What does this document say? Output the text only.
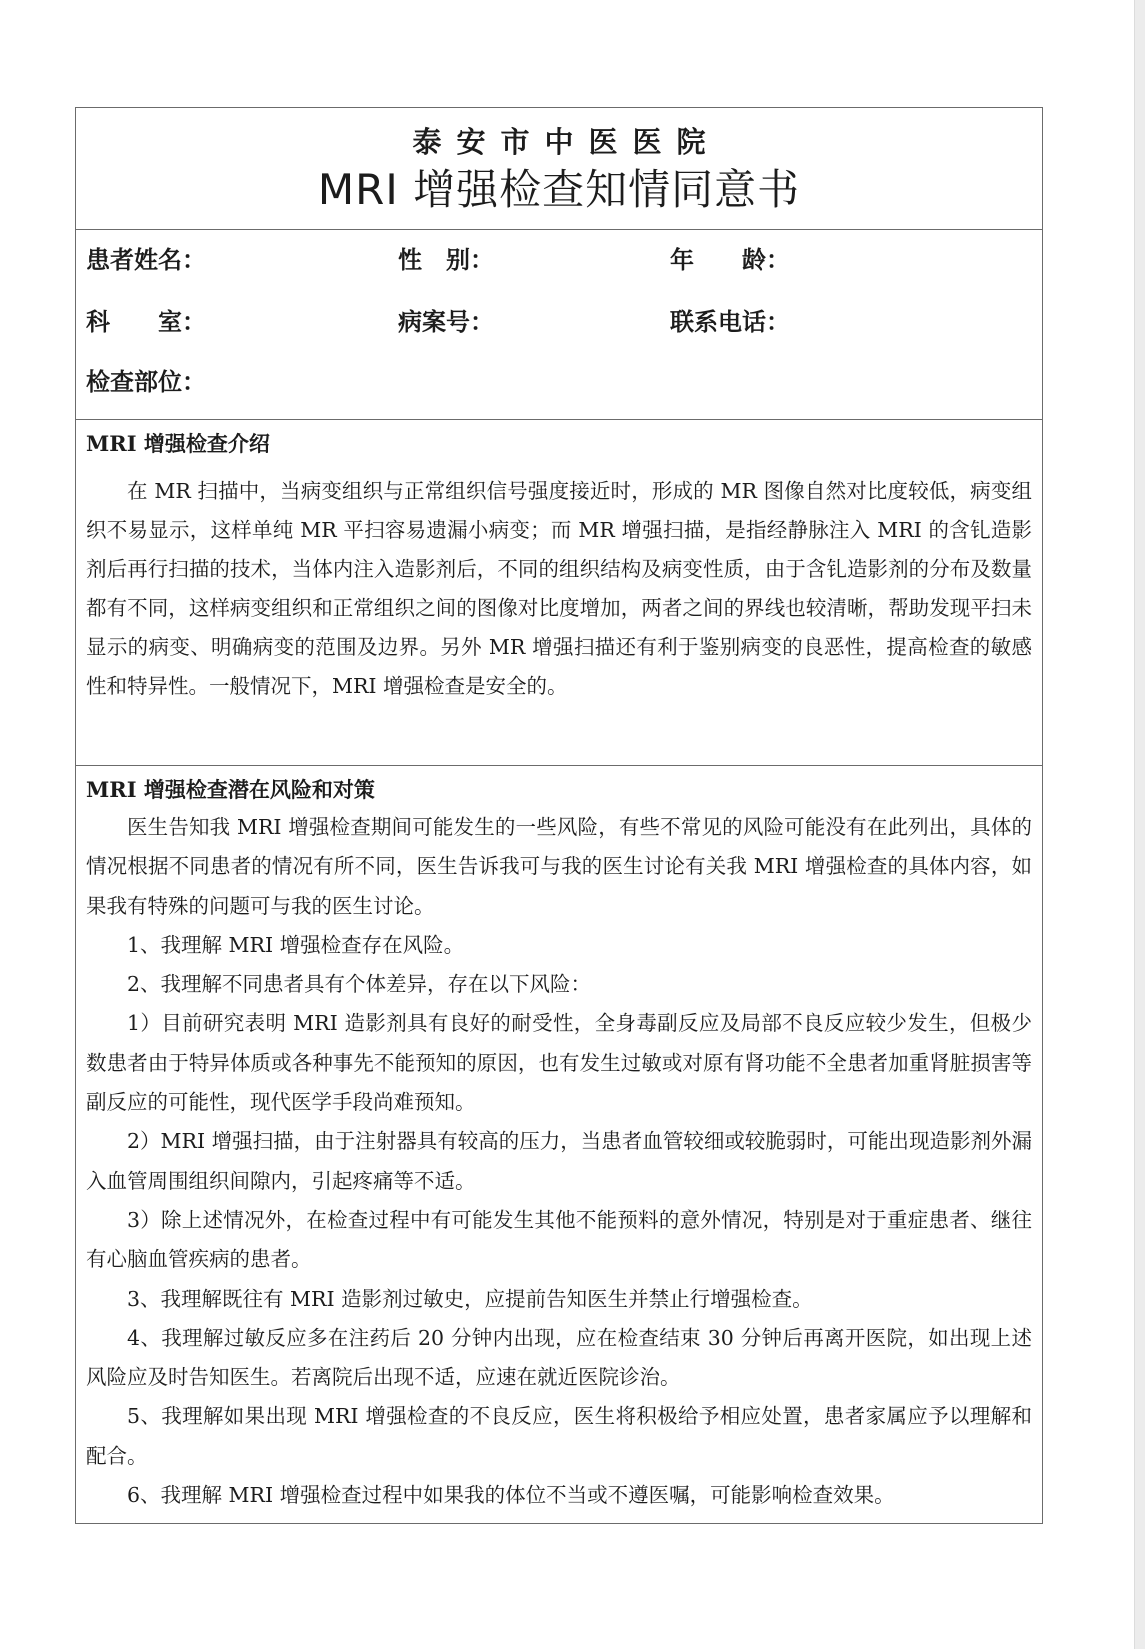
泰安市中医医院
MRI 增强检查知情同意书
患者姓名：	性　别：	年　　龄：
科　　室：	病案号：	联系电话：
检查部位：
MRI 增强检查介绍

在 MR 扫描中，当病变组织与正常组织信号强度接近时，形成的 MR 图像自然对比度较低，病变组织不易显示，这样单纯 MR 平扫容易遗漏小病变；而 MR 增强扫描，是指经静脉注入 MRI 的含钆造影剂后再行扫描的技术，当体内注入造影剂后，不同的组织结构及病变性质，由于含钆造影剂的分布及数量都有不同，这样病变组织和正常组织之间的图像对比度增加，两者之间的界线也较清晰，帮助发现平扫未显示的病变、明确病变的范围及边界。另外 MR 增强扫描还有利于鉴别病变的良恶性，提高检查的敏感性和特异性。一般情况下，MRI 增强检查是安全的。

MRI 增强检查潜在风险和对策

医生告知我 MRI 增强检查期间可能发生的一些风险，有些不常见的风险可能没有在此列出，具体的情况根据不同患者的情况有所不同，医生告诉我可与我的医生讨论有关我 MRI 增强检查的具体内容，如果我有特殊的问题可与我的医生讨论。

1、我理解 MRI 增强检查存在风险。

2、我理解不同患者具有个体差异，存在以下风险：

1）目前研究表明 MRI 造影剂具有良好的耐受性，全身毒副反应及局部不良反应较少发生，但极少数患者由于特异体质或各种事先不能预知的原因，也有发生过敏或对原有肾功能不全患者加重肾脏损害等副反应的可能性，现代医学手段尚难预知。

2）MRI 增强扫描，由于注射器具有较高的压力，当患者血管较细或较脆弱时，可能出现造影剂外漏入血管周围组织间隙内，引起疼痛等不适。

3）除上述情况外，在检查过程中有可能发生其他不能预料的意外情况，特别是对于重症患者、继往有心脑血管疾病的患者。

3、我理解既往有 MRI 造影剂过敏史，应提前告知医生并禁止行增强检查。

4、我理解过敏反应多在注药后 20 分钟内出现，应在检查结束 30 分钟后再离开医院，如出现上述风险应及时告知医生。若离院后出现不适，应速在就近医院诊治。

5、我理解如果出现 MRI 增强检查的不良反应，医生将积极给予相应处置，患者家属应予以理解和配合。

6、我理解 MRI 增强检查过程中如果我的体位不当或不遵医嘱，可能影响检查效果。
